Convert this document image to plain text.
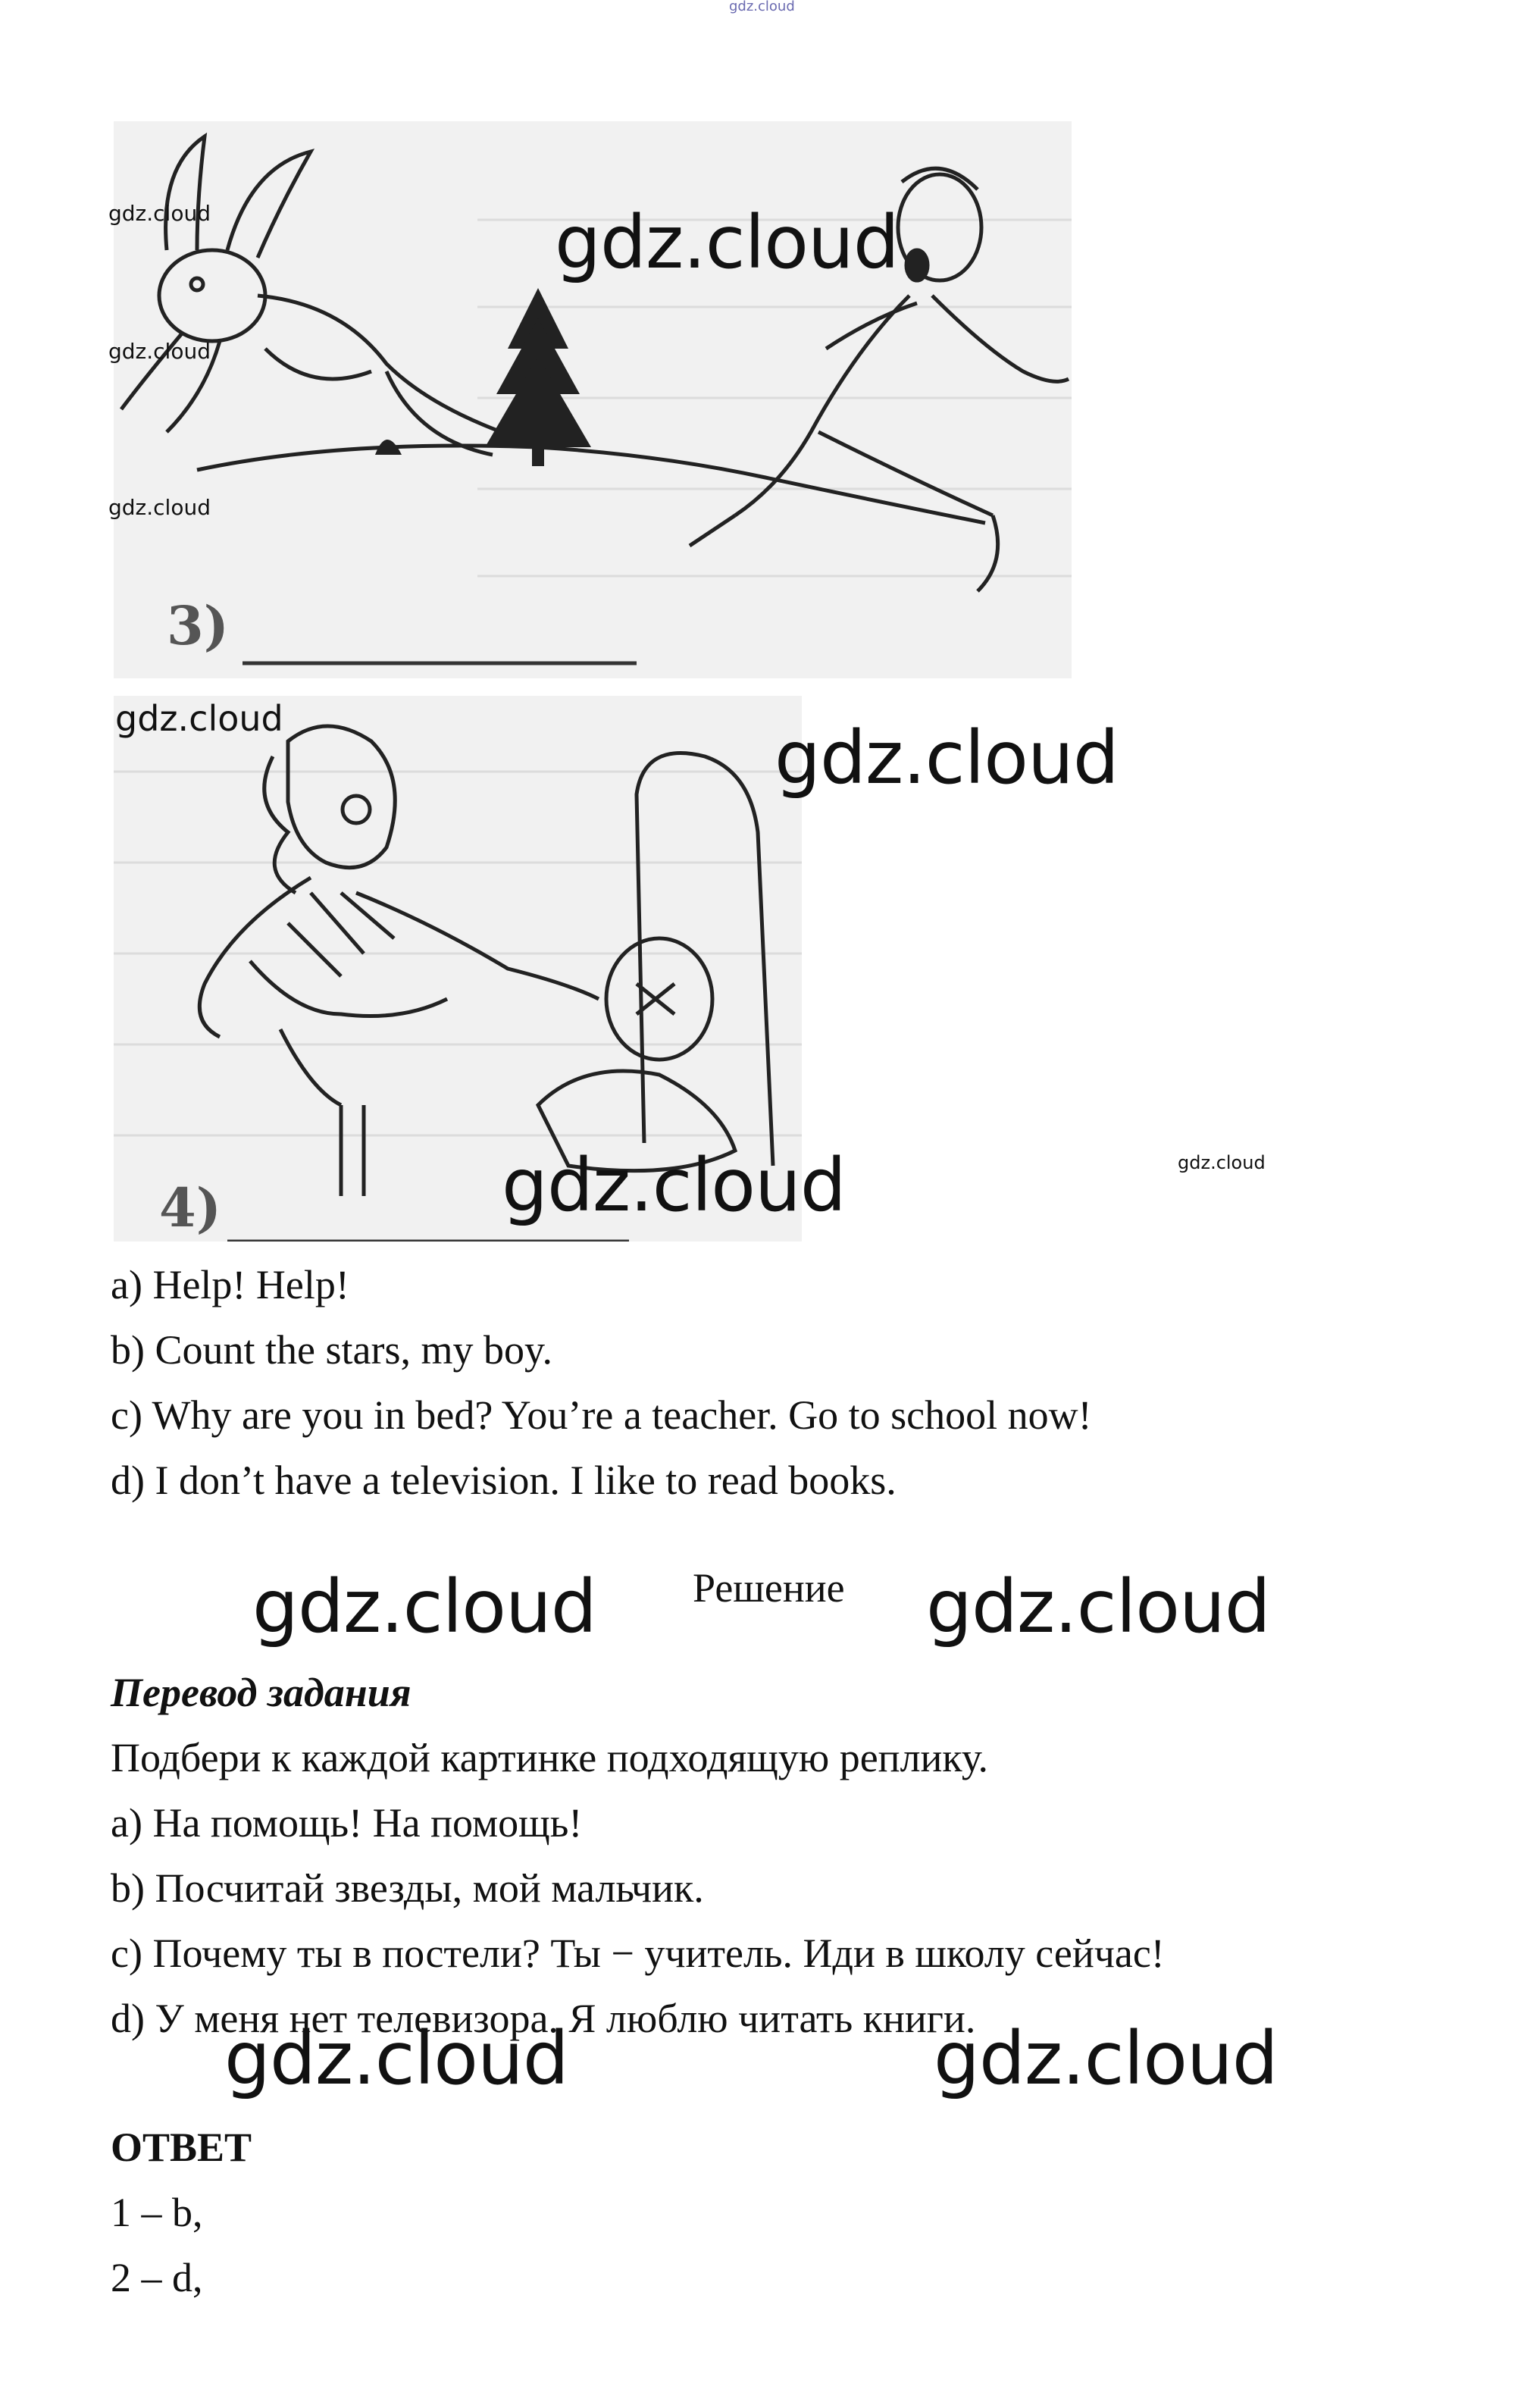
gdz.cloud
3)
gdz.cloud
gdz.cloud
gdz.cloud
gdz.cloud
4)
gdz.cloud	gdz.cloud
gdz.cloud	gdz.cloud
a) Help! Help!
b) Count the stars, my boy.
c) Why are you in bed? You’re a teacher. Go to school now!
d) I don’t have a television. I like to read books.
gdz.cloud Решение gdz.cloud
Перевод задания
Подбери к каждой картинке подходящую реплику.
а) На помощь! На помощь!
b) Посчитай звезды, мой мальчик.
c) Почему ты в постели? Ты − учитель. Иди в школу сейчас!
d) У меня нет телевизора. Я люблю читать книги.
gdz.cloud	gdz.cloud
ОТВЕТ
1 – b,
2 – d,
